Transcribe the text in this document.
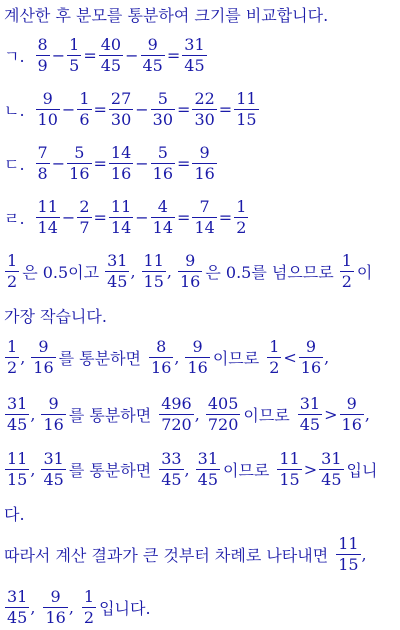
계산한 후 분모를 통분하여 크기를 비교합니다.
ㄱ. $\frac{8}{9} - \frac{1}{5} = \frac{40}{45} - \frac{9}{45} = \frac{31}{45}$
ㄴ. $\frac{9}{10} - \frac{1}{6} = \frac{27}{30} - \frac{5}{30} = \frac{22}{30} = \frac{11}{15}$
ㄷ. $\frac{7}{8} - \frac{5}{16} = \frac{14}{16} - \frac{5}{16} = \frac{9}{16}$
ㄹ. $\frac{11}{14} - \frac{2}{7} = \frac{11}{14} - \frac{4}{14} = \frac{7}{14} = \frac{1}{2}$
$\frac{1}{2}$ 은 0.5이고 $\frac{31}{45}$ , $\frac{11}{15}$ , $\frac{9}{16}$ 은 0.5를 넘으므로 $\frac{1}{2}$ 이
가장 작습니다.
$\frac{1}{2}$ , $\frac{9}{16}$ 를 통분하면 $\frac{8}{16}$ , $\frac{9}{16}$ 이므로 $\frac{1}{2} < \frac{9}{16}$ ,
$\frac{31}{45}$ , $\frac{9}{16}$ 를 통분하면 $\frac{496}{720}$ , $\frac{405}{720}$ 이므로 $\frac{31}{45} > \frac{9}{16}$ ,
$\frac{11}{15}$ , $\frac{31}{45}$ 를 통분하면 $\frac{33}{45}$ , $\frac{31}{45}$ 이므로 $\frac{11}{15} > \frac{31}{45}$ 입니
다.
따라서 계산 결과가 큰 것부터 차례로 나타내면 $\frac{11}{15}$ ,
$\frac{31}{45}$ , $\frac{9}{16}$ , $\frac{1}{2}$ 입니다.
